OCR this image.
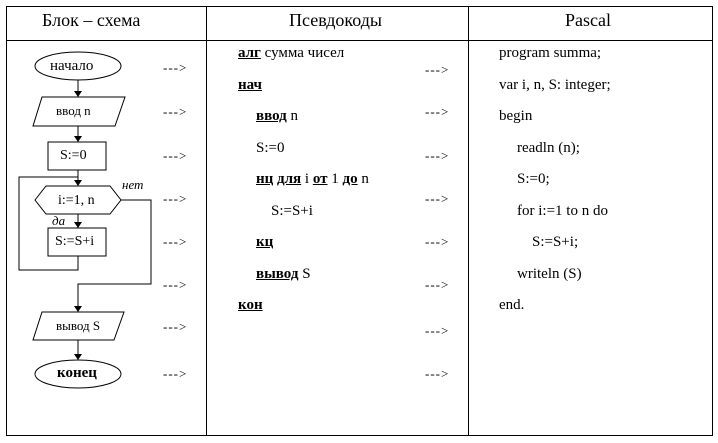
Блок – схема	Псевдокоды	Pascal
начало
ввод n
S:=0
i:=1, n
нет
да
S:=S+i
вывод S
конец
--->
--->
--->
--->
--->
--->
--->
--->
алг сумма чисел
нач
ввод n
S:=0
нц для i от 1 до n
S:=S+i
кц
вывод S
кон
--->
--->
--->
--->
--->
--->
--->
--->
program summa;
var i, n, S: integer;
begin
readln (n);
S:=0;
for i:=1 to n do
S:=S+i;
writeln (S)
end.
